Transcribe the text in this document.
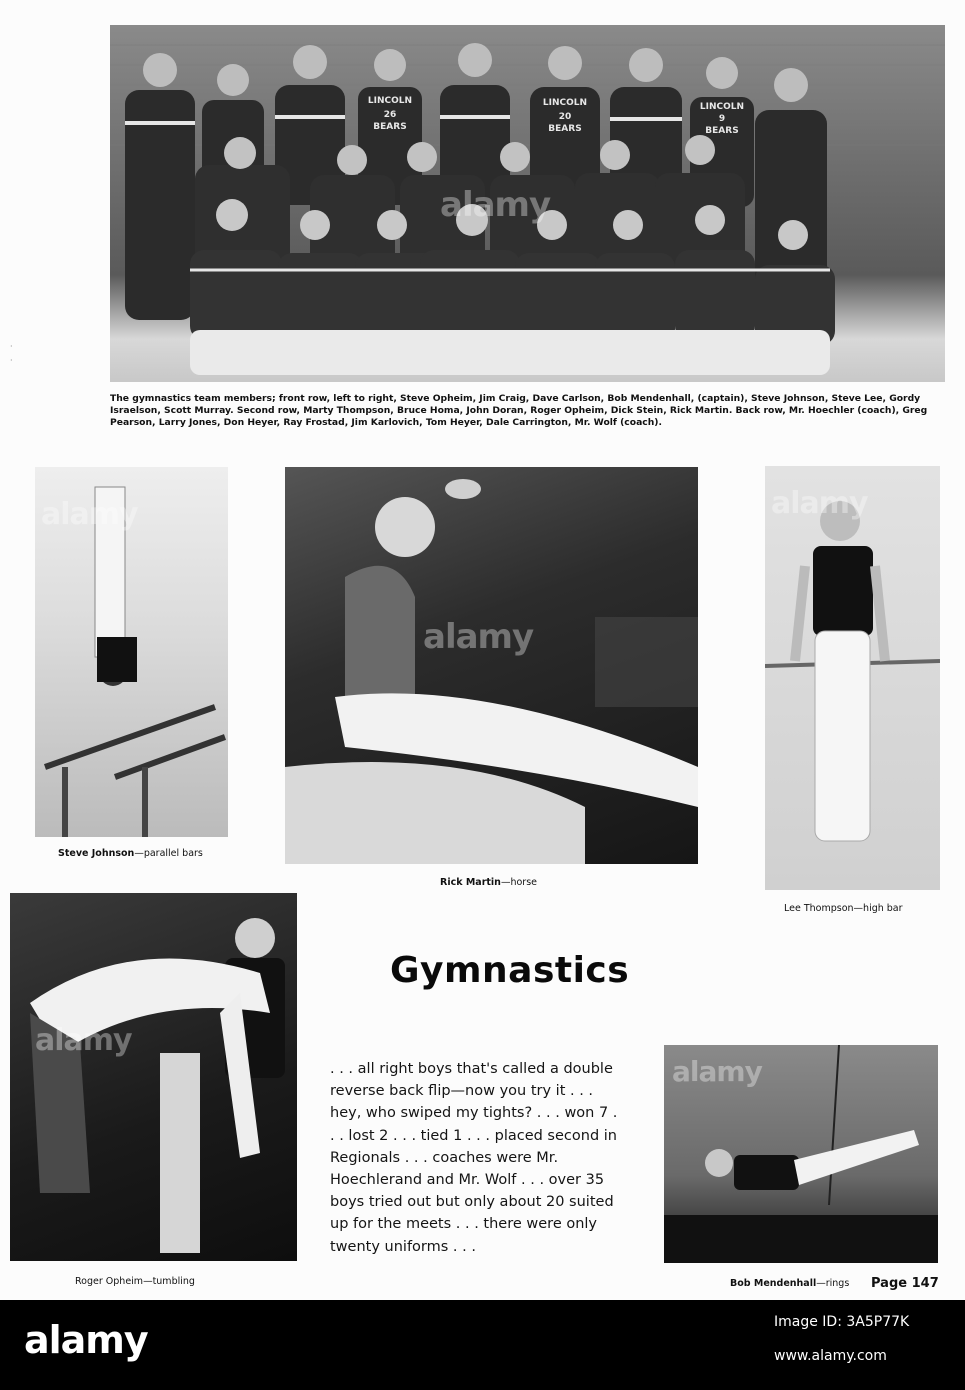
·
·
LINCOLN
26
BEARS
LINCOLN
20
BEARS
LINCOLN
9
BEARS
alamy
The gymnastics team members; front row, left to right, Steve Opheim, Jim Craig, Dave Carlson, Bob Mendenhall, (captain), Steve Johnson, Steve Lee, Gordy Israelson, Scott Murray. Second row, Marty Thompson, Bruce Homa, John Doran, Roger Opheim, Dick Stein, Rick Martin. Back row, Mr. Hoechler (coach), Greg Pearson, Larry Jones, Don Heyer, Ray Frostad, Jim Karlovich, Tom Heyer, Dale Carrington, Mr. Wolf (coach).
alamy
Steve Johnson—parallel bars
alamy
Rick Martin—horse
alamy
Lee Thompson—high bar
alamy
Roger Opheim—tumbling
Gymnastics
. . . all right boys that's called a double reverse back flip—now you try it . . . hey, who swiped my tights? . . . won 7 . . . lost 2 . . . tied 1 . . . placed second in Regionals . . . coaches were Mr. Hoechlerand and Mr. Wolf . . . over 35 boys tried out but only about 20 suited up for the meets . . . there were only twenty uniforms . . .
alamy
Bob Mendenhall—rings Page 147
alamy	Image ID: 3A5P77K
www.alamy.com
